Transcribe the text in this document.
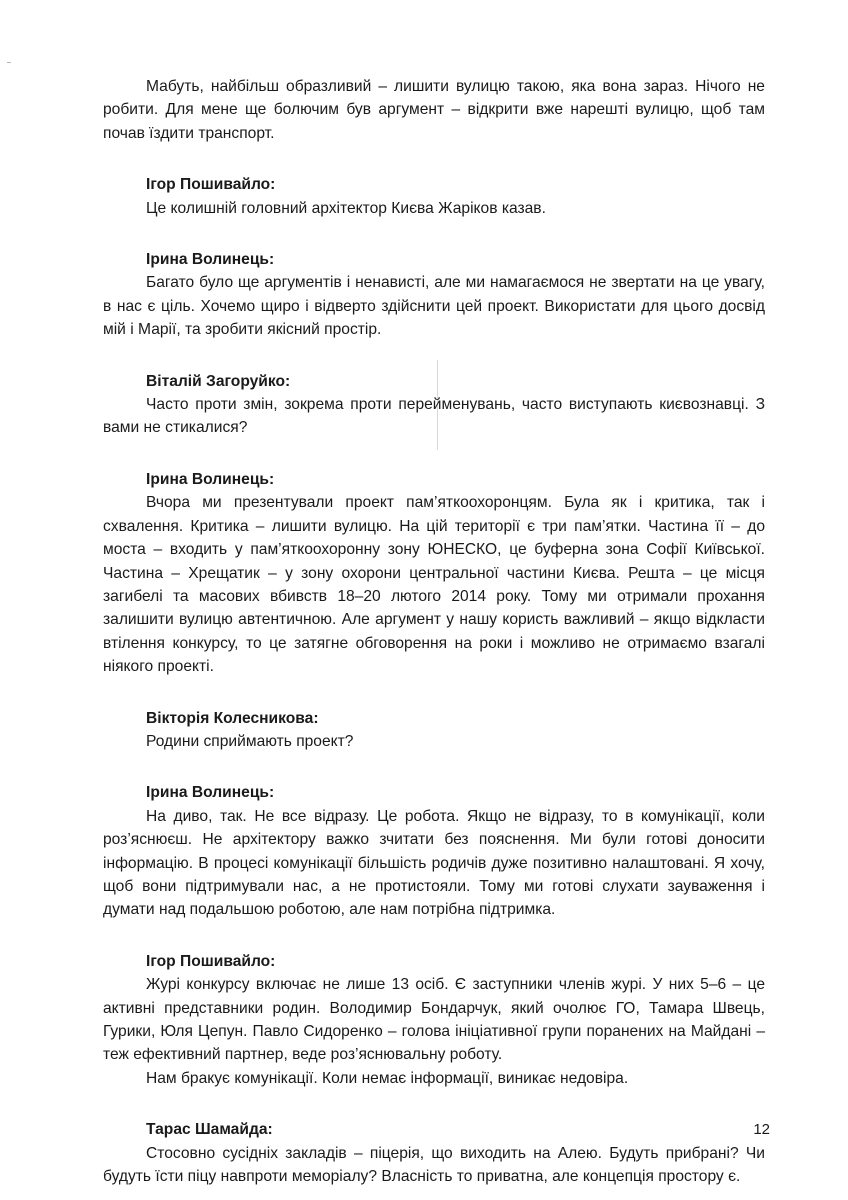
Мабуть, найбільш образливий – лишити вулицю такою, яка вона зараз. Нічого не робити. Для мене ще болючим був аргумент – відкрити вже нарешті вулицю, щоб там почав їздити транспорт.

Ігор Пошивайло:

Це колишній головний архітектор Києва Жаріков казав.

Ірина Волинець:

Багато було ще аргументів і ненависті, але ми намагаємося не звертати на це увагу, в нас є ціль. Хочемо щиро і відверто здійснити цей проект. Використати для цього досвід мій і Марії, та зробити якісний простір.

Віталій Загоруйко:

Часто проти змін, зокрема проти перейменувань, часто виступають києвознавці. З вами не стикалися?

Ірина Волинець:

Вчора ми презентували проект пам’яткоохоронцям. Була як і критика, так і схвалення. Критика – лишити вулицю. На цій території є три пам’ятки. Частина її – до моста – входить у пам’яткоохоронну зону ЮНЕСКО, це буферна зона Софії Київської. Частина – Хрещатик – у зону охорони центральної частини Києва. Решта – це місця загибелі та масових вбивств 18–20 лютого 2014 року. Тому ми отримали прохання залишити вулицю автентичною. Але аргумент у нашу користь важливий – якщо відкласти втілення конкурсу, то це затягне обговорення на роки і можливо не отримаємо взагалі ніякого проекті.

Вікторія Колесникова:

Родини сприймають проект?

Ірина Волинець:

На диво, так. Не все відразу. Це робота. Якщо не відразу, то в комунікації, коли роз’яснюєш. Не архітектору важко зчитати без пояснення. Ми були готові доносити інформацію. В процесі комунікації більшість родичів дуже позитивно налаштовані. Я хочу, щоб вони підтримували нас, а не протистояли. Тому ми готові слухати зауваження і думати над подальшою роботою, але нам потрібна підтримка.

Ігор Пошивайло:

Журі конкурсу включає не лише 13 осіб. Є заступники членів журі. У них 5–6 – це активні представники родин. Володимир Бондарчук, який очолює ГО, Тамара Швець, Гурики, Юля Цепун. Павло Сидоренко – голова ініціативної групи поранених на Майдані – теж ефективний партнер, веде роз’яснювальну роботу.

Нам бракує комунікації. Коли немає інформації, виникає недовіра.

Тарас Шамайда:

Стосовно сусідніх закладів – піцерія, що виходить на Алею. Будуть прибрані? Чи будуть їсти піцу навпроти меморіалу? Власність то приватна, але концепція простору є.

12
